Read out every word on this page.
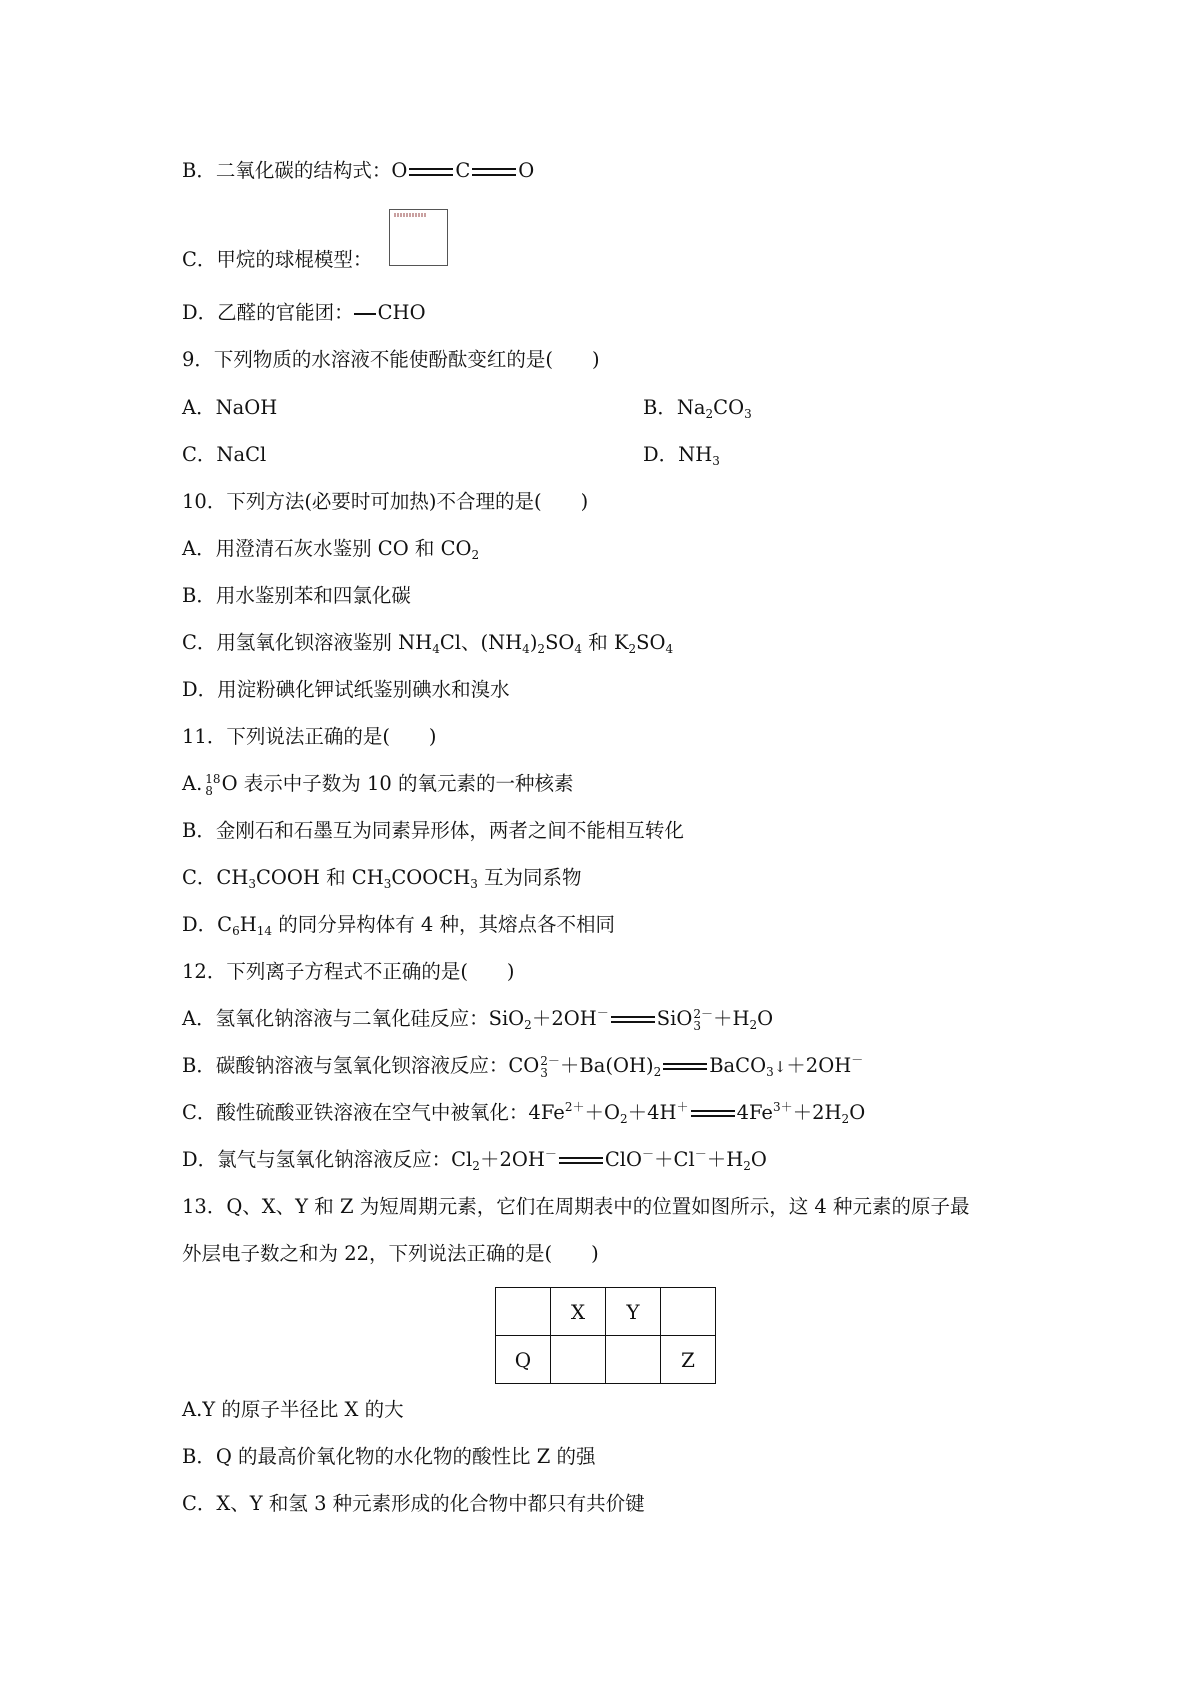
B．二氧化碳的结构式：O C O

C．甲烷的球棍模型：

D．乙醛的官能团： CHO

9．下列物质的水溶液不能使酚酞变红的是(　　)

A．NaOH	B．$Na_2CO_3$

C．NaCl	D．$NH_3$

10．下列方法(必要时可加热)不合理的是(　　)

A．用澄清石灰水鉴别 CO 和 $CO_2$

B．用水鉴别苯和四氯化碳

C．用氢氧化钡溶液鉴别 $NH_4Cl$、$(NH_4)_2SO_4$ 和 $K_2SO_4$

D．用淀粉碘化钾试纸鉴别碘水和溴水

11．下列说法正确的是(　　)

A. 18
8 O 表示中子数为 10 的氧元素的一种核素

B．金刚石和石墨互为同素异形体，两者之间不能相互转化

C．$CH_3COOH$ 和 $CH_3COOCH_3$ 互为同系物

D．$C_6H_{14}$ 的同分异构体有 4 种，其熔点各不相同

12．下列离子方程式不正确的是(　　)

A．氢氧化钠溶液与二氧化硅反应：SiO$_2$＋2OH－ SiO 2－
$3 +H_2O$

B．碳酸钠溶液与氢氧化钡溶液反应：CO 2－
$3 +Ba(OH)_2$ BaCO$_3$↓＋2OH－

C．酸性硫酸亚铁溶液在空气中被氧化：$4Fe^{2+}+O_2+4H^+$ $4Fe^{3+}+2H_2O$

D．氯气与氢氧化钠溶液反应：$Cl_2+2OH^-$ $ClO^-+Cl^-+H_2O$

13．Q、X、Y 和 Z 为短周期元素，它们在周期表中的位置如图所示，这 4 种元素的原子最

外层电子数之和为 22，下列说法正确的是(　　)

	X	Y	
Q			Z

A.Y 的原子半径比 X 的大

B．Q 的最高价氧化物的水化物的酸性比 Z 的强

C．X、Y 和氢 3 种元素形成的化合物中都只有共价键
